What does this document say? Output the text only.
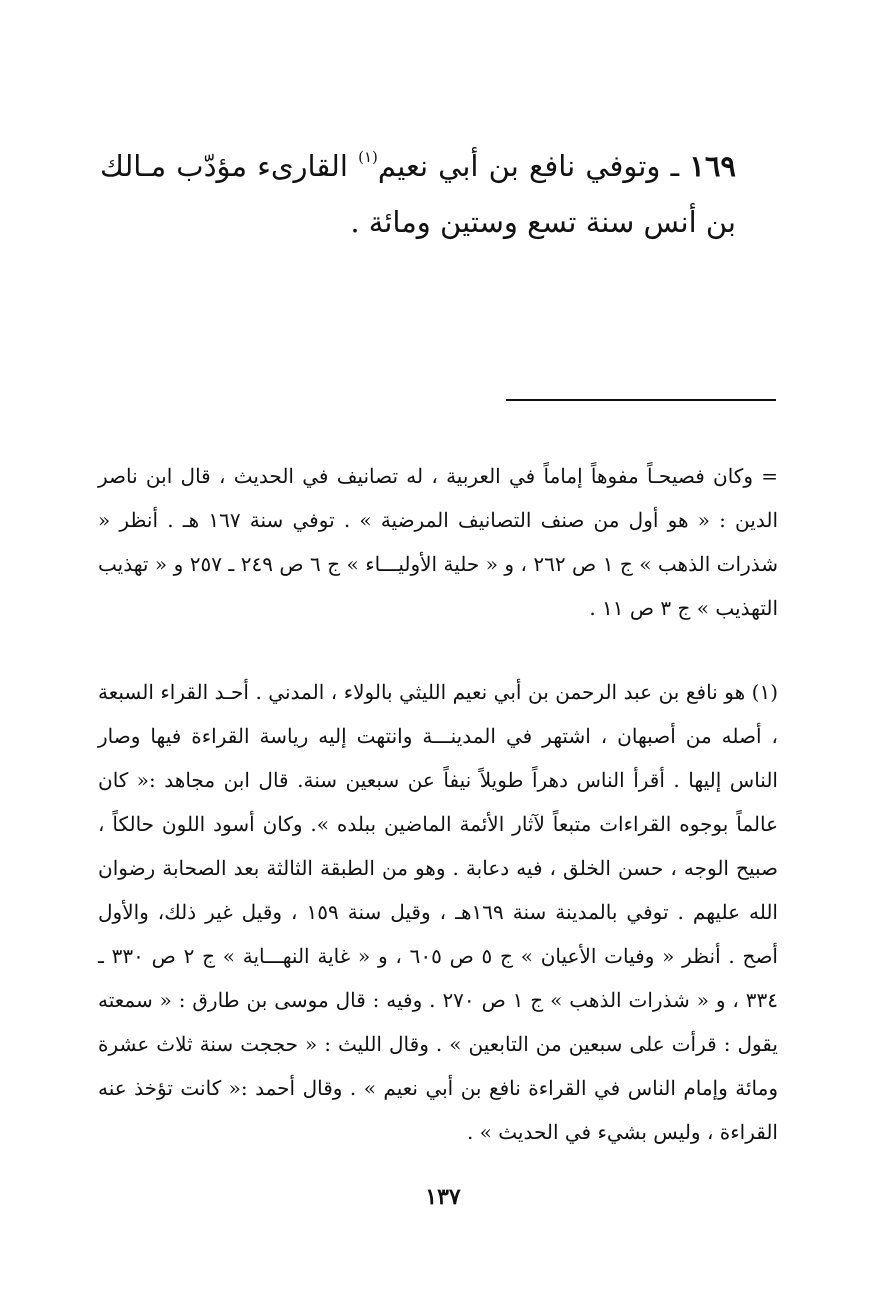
١٦٩ ـ وتوفي نافع بن أبي نعيم$^{(١)}$ القارىء مؤدّب مـالك بن أنس سنة تسع وستين ومائة .

= وكان فصيحـاً مفوهاً إماماً في العربية ، له تصانيف في الحديث ، قال ابن ناصر الدين : « هو أول من صنف التصانيف المرضية » . توفي سنة ١٦٧ هـ . أنظر « شذرات الذهب » ج ١ ص ٢٦٢ ، و « حلية الأوليـــاء » ج ٦ ص ٢٤٩ ـ ٢٥٧ و « تهذيب التهذيب » ج ٣ ص ١١ .

(١) هو نافع بن عبد الرحمن بن أبي نعيم الليثي بالولاء ، المدني . أحـد القراء السبعة ، أصله من أصبهان ، اشتهر في المدينـــة وانتهت إليه رياسة القراءة فيها وصار الناس إليها . أقرأ الناس دهراً طويلاً نيفاً عن سبعين سنة. قال ابن مجاهد :« كان عالماً بوجوه القراءات متبعاً لآثار الأئمة الماضين ببلده ». وكان أسود اللون حالكاً ، صبيح الوجه ، حسن الخلق ، فيه دعابة . وهو من الطبقة الثالثة بعد الصحابة رضوان الله عليهم . توفي بالمدينة سنة ١٦٩هـ ، وقيل سنة ١٥٩ ، وقيل غير ذلك، والأول أصح . أنظر « وفيات الأعيان » ج ٥ ص ٦٠٥ ، و « غاية النهـــاية » ج ٢ ص ٣٣٠ ـ ٣٣٤ ، و « شذرات الذهب » ج ١ ص ٢٧٠ . وفيه : قال موسى بن طارق : « سمعته يقول : قرأت على سبعين من التابعين » . وقال الليث : « حججت سنة ثلاث عشرة ومائة وإمام الناس في القراءة نافع بن أبي نعيم » . وقال أحمد :« كانت تؤخذ عنه القراءة ، وليس بشيء في الحديث » .

١٣٧
